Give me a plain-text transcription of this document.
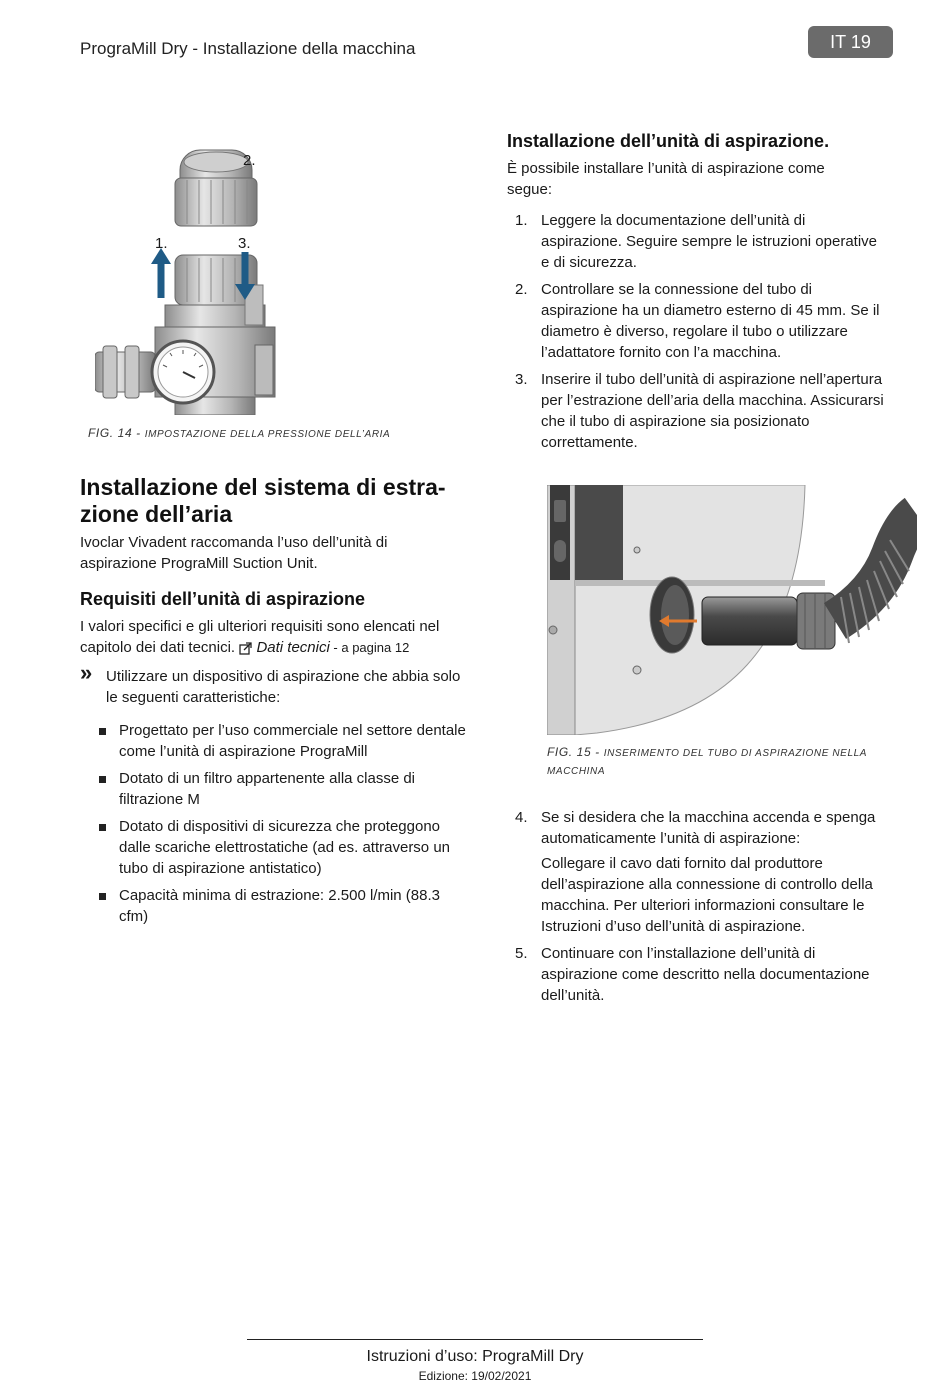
PrograMill Dry - Installazione della macchina	IT 19
2.
1.	3.
FIG. 14 - IMPOSTAZIONE DELLA PRESSIONE DELL’ARIA
Installazione del sistema di estra-
zione dell’aria

Ivoclar Vivadent raccomanda l’uso dell’unità di aspirazione PrograMill Suction Unit.

Requisiti dell’unità di aspirazione

I valori specifici e gli ulteriori requisiti sono elencati nel capitolo dei dati tecnici. Dati tecnici - a pagina 12

» Utilizzare un dispositivo di aspirazione che abbia solo le seguenti caratteristiche:
Progettato per l’uso commerciale nel settore dentale come l’unità di aspirazione PrograMill
Dotato di un filtro appartenente alla classe di filtrazione M
Dotato di dispositivi di sicurezza che proteggono dalle scariche elettrostatiche (ad es. attraverso un tubo di aspirazione antistatico)
Capacità minima di estrazione: 2.500 l/min (88.3 cfm)
Installazione dell’unità di aspirazione.

È possibile installare l’unità di aspirazione come segue:

1. Leggere la documentazione dell’unità di aspirazione. Seguire sempre le istruzioni operative e di sicurezza.
2. Controllare se la connessione del tubo di aspirazione ha un diametro esterno di 45 mm. Se il diametro è diverso, regolare il tubo o utilizzare l’adattatore fornito con l’a macchina.
3. Inserire il tubo dell’unità di aspirazione nell’apertura per l’estrazione dell’aria della macchina. Assicurarsi che il tubo di aspirazione sia posizionato correttamente.
FIG. 15 - INSERIMENTO DEL TUBO DI ASPIRAZIONE NELLA MACCHINA
4. Se si desidera che la macchina accenda e spenga automaticamente l’unità di aspirazione:
Collegare il cavo dati fornito dal produttore dell’aspirazione alla connessione di controllo della macchina. Per ulteriori informazioni consultare le Istruzioni d’uso dell’unità di aspirazione.
5. Continuare con l’installazione dell’unità di aspirazione come descritto nella documentazione dell’unità.
Istruzioni d’uso: PrograMill Dry
Edizione: 19/02/2021
